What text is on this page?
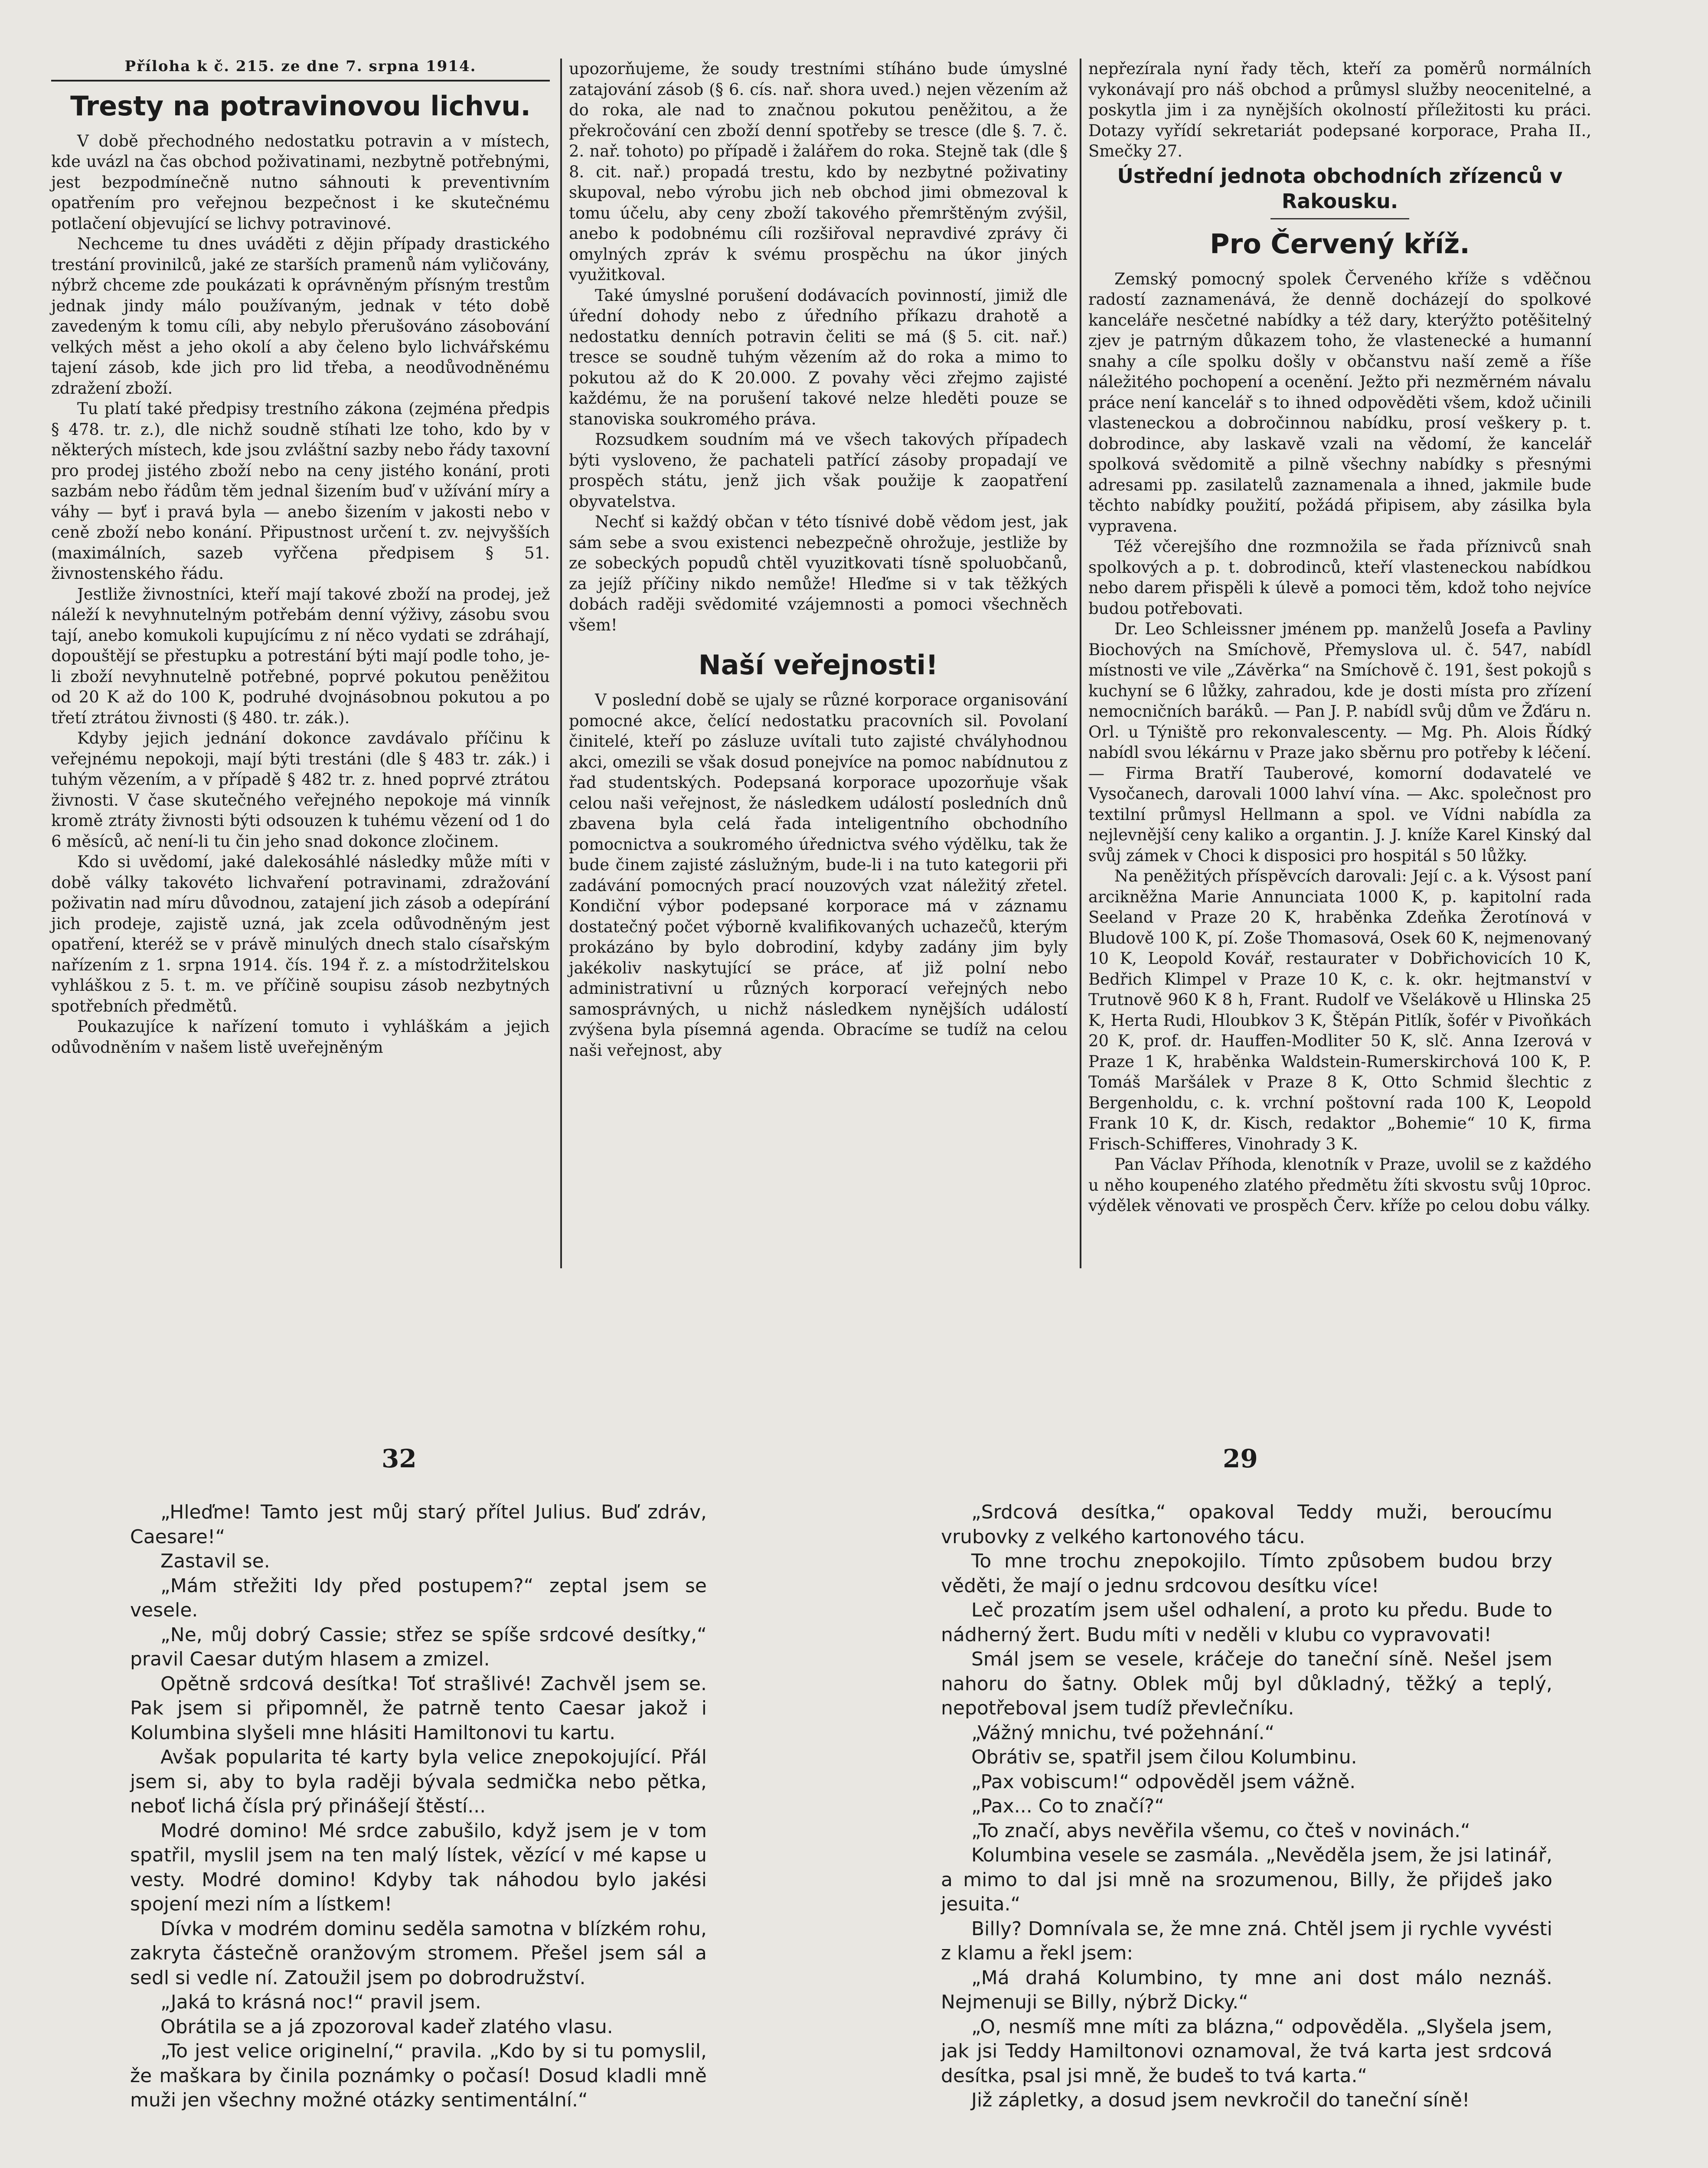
Příloha k č. 215. ze dne 7. srpna 1914.
Tresty na potravinovou lichvu.

V době přechodného nedostatku potravin a v místech, kde uvázl na čas obchod poživatinami, nezbytně potřebnými, jest bezpodmínečně nutno sáhnouti k preventivním opatřením pro veřejnou bezpečnost i ke skutečnému potlačení objevující se lichvy potravinové.

Nechceme tu dnes uváděti z dějin případy drastického trestání provinilců, jaké ze starších pramenů nám vyličovány, nýbrž chceme zde poukázati k oprávněným přísným trestům jednak jindy málo používaným, jednak v této době zavedeným k tomu cíli, aby nebylo přerušováno zásobování velkých měst a jeho okolí a aby čeleno bylo lichvářskému tajení zásob, kde jich pro lid třeba, a neodůvodněnému zdražení zboží.

Tu platí také předpisy trestního zákona (zejména předpis § 478. tr. z.), dle nichž soudně stíhati lze toho, kdo by v některých místech, kde jsou zvláštní sazby nebo řády taxovní pro prodej jistého zboží nebo na ceny jistého konání, proti sazbám nebo řádům těm jednal šizením buď v užívání míry a váhy — byť i pravá byla — anebo šizením v jakosti nebo v ceně zboží nebo konání. Připustnost určení t. zv. nejvyšších (maximálních, sazeb vyřčena předpisem § 51. živnostenského řádu.

Jestliže živnostníci, kteří mají takové zboží na prodej, jež náleží k nevyhnutelným potřebám denní výživy, zásobu svou tají, anebo komukoli kupujícímu z ní něco vydati se zdráhají, dopouštějí se přestupku a potrestání býti mají podle toho, je-li zboží nevyhnutelně potřebné, poprvé pokutou peněžitou od 20 K až do 100 K, podruhé dvojnásobnou pokutou a po třetí ztrátou živnosti (§ 480. tr. zák.).

Kdyby jejich jednání dokonce zavdávalo příčinu k veřejnému nepokoji, mají býti trestáni (dle § 483 tr. zák.) i tuhým vězením, a v případě § 482 tr. z. hned poprvé ztrátou živnosti. V čase skutečného veřejného nepokoje má vinník kromě ztráty živnosti býti odsouzen k tuhému vězení od 1 do 6 měsíců, ač není-li tu čin jeho snad dokonce zločinem.

Kdo si uvědomí, jaké dalekosáhlé následky může míti v době války takovéto lichvaření potravinami, zdražování poživatin nad míru důvodnou, zatajení jich zásob a odepírání jich prodeje, zajistě uzná, jak zcela odůvodněným jest opatření, kteréž se v právě minulých dnech stalo císařským nařízením z 1. srpna 1914. čís. 194 ř. z. a místodržitelskou vyhláškou z 5. t. m. ve příčině soupisu zásob nezbytných spotřebních předmětů.

Poukazujíce k nařízení tomuto i vyhláškám a jejich odůvodněním v našem listě uveřejněným

upozorňujeme, že soudy trestními stíháno bude úmyslné zatajování zásob (§ 6. cís. nař. shora uved.) nejen vězením až do roka, ale nad to značnou pokutou peněžitou, a že překročování cen zboží denní spotřeby se tresce (dle §. 7. č. 2. nař. tohoto) po případě i žalářem do roka. Stejně tak (dle § 8. cit. nař.) propadá trestu, kdo by nezbytné poživatiny skupoval, nebo výrobu jich neb obchod jimi obmezoval k tomu účelu, aby ceny zboží takového přemrštěným zvýšil, anebo k podobnému cíli rozšiřoval nepravdivé zprávy či omylných zpráv k svému prospěchu na úkor jiných využitkoval.

Také úmyslné porušení dodávacích povinností, jimiž dle úřední dohody nebo z úředního příkazu drahotě a nedostatku denních potravin čeliti se má (§ 5. cit. nař.) tresce se soudně tuhým vězením až do roka a mimo to pokutou až do K 20.000. Z povahy věci zřejmo zajisté každému, že na porušení takové nelze hleděti pouze se stanoviska soukromého práva.

Rozsudkem soudním má ve všech takových případech býti vysloveno, že pachateli patřící zásoby propadají ve prospěch státu, jenž jich však použije k zaopatření obyvatelstva.

Nechť si každý občan v této tísnivé době vědom jest, jak sám sebe a svou existenci nebezpečně ohrožuje, jestliže by ze sobeckých popudů chtěl vyuzitkovati tísně spoluobčanů, za jejíž příčiny nikdo nemůže! Hleďme si v tak těžkých dobách raději svědomité vzájemnosti a pomoci všechněch všem!

Naší veřejnosti!

V poslední době se ujaly se různé korporace organisování pomocné akce, čelící nedostatku pracovních sil. Povolaní činitelé, kteří po zásluze uvítali tuto zajisté chvályhodnou akci, omezili se však dosud ponejvíce na pomoc nabídnutou z řad studentských. Podepsaná korporace upozorňuje však celou naši veřejnost, že následkem událostí posledních dnů zbavena byla celá řada inteligentního obchodního pomocnictva a soukromého úřednictva svého výdělku, tak že bude činem zajisté záslužným, bude-li i na tuto kategorii při zadávání pomocných prací nouzových vzat náležitý zřetel. Kondiční výbor podepsané korporace má v záznamu dostatečný počet výborně kvalifikovaných uchazečů, kterým prokázáno by bylo dobrodiní, kdyby zadány jim byly jakékoliv naskytující se práce, ať již polní nebo administrativní u různých korporací veřejných nebo samosprávných, u nichž následkem nynějších událostí zvýšena byla písemná agenda. Obracíme se tudíž na celou naši veřejnost, aby

nepřezírala nyní řady těch, kteří za poměrů normálních vykonávají pro náš obchod a průmysl služby neocenitelné, a poskytla jim i za nynějších okolností příležitosti ku práci. Dotazy vyřídí sekretariát podepsané korporace, Praha II., Smečky 27.

Ústřední jednota obchodních zřízenců v Rakousku.
Pro Červený kříž.

Zemský pomocný spolek Červeného kříže s vděčnou radostí zaznamenává, že denně docházejí do spolkové kanceláře nesčetné nabídky a též dary, kterýžto potěšitelný zjev je patrným důkazem toho, že vlastenecké a humanní snahy a cíle spolku došly v občanstvu naší země a říše náležitého pochopení a ocenění. Ježto při nezměrném návalu práce není kancelář s to ihned odpověděti všem, kdož učinili vlasteneckou a dobročinnou nabídku, prosí veškery p. t. dobrodince, aby laskavě vzali na vědomí, že kancelář spolková svědomitě a pilně všechny nabídky s přesnými adresami pp. zasilatelů zaznamenala a ihned, jakmile bude těchto nabídky použití, požádá připisem, aby zásilka byla vypravena.

Též včerejšího dne rozmnožila se řada příznivců snah spolkových a p. t. dobrodinců, kteří vlasteneckou nabídkou nebo darem přispěli k úlevě a pomoci těm, kdož toho nejvíce budou potřebovati.

Dr. Leo Schleissner jménem pp. manželů Josefa a Pavliny Biochových na Smíchově, Přemyslova ul. č. 547, nabídl místnosti ve vile „Závěrka“ na Smíchově č. 191, šest pokojů s kuchyní se 6 lůžky, zahradou, kde je dosti místa pro zřízení nemocničních baráků. — Pan J. P. nabídl svůj dům ve Žďáru n. Orl. u Týniště pro rekonvalescenty. — Mg. Ph. Alois Řídký nabídl svou lékárnu v Praze jako sběrnu pro potřeby k léčení. — Firma Bratří Tauberové, komorní dodavatelé ve Vysočanech, darovali 1000 lahví vína. — Akc. společnost pro textilní průmysl Hellmann a spol. ve Vídni nabídla za nejlevnější ceny kaliko a organtin. J. J. kníže Karel Kinský dal svůj zámek v Choci k disposici pro hospitál s 50 lůžky.

Na peněžitých příspěvcích darovali: Její c. a k. Výsost paní arcikněžna Marie Annunciata 1000 K, p. kapitolní rada Seeland v Praze 20 K, hraběnka Zdeňka Žerotínová v Bludově 100 K, pí. Zoše Thomasová, Osek 60 K, nejmenovaný 10 K, Leopold Kovář, restaurater v Dobřichovicích 10 K, Bedřich Klimpel v Praze 10 K, c. k. okr. hejtmanství v Trutnově 960 K 8 h, Frant. Rudolf ve Všelákově u Hlinska 25 K, Herta Rudi, Hloubkov 3 K, Štěpán Pitlík, šofér v Pivoňkách 20 K, prof. dr. Hauffen-Modliter 50 K, slč. Anna Izerová v Praze 1 K, hraběnka Waldstein-Rumerskirchová 100 K, P. Tomáš Maršálek v Praze 8 K, Otto Schmid šlechtic z Bergenholdu, c. k. vrchní poštovní rada 100 K, Leopold Frank 10 K, dr. Kisch, redaktor „Bohemie“ 10 K, firma Frisch-Schifferes, Vinohrady 3 K.

Pan Václav Příhoda, klenotník v Praze, uvolil se z každého u něho koupeného zlatého předmětu žíti skvostu svůj 10proc. výdělek věnovati ve prospěch Červ. kříže po celou dobu války.

32

„Hleďme! Tamto jest můj starý přítel Julius. Buď zdráv, Caesare!“

Zastavil se.

„Mám střežiti Idy před postupem?“ zeptal jsem se vesele.

„Ne, můj dobrý Cassie; střez se spíše srdcové desítky,“ pravil Caesar dutým hlasem a zmizel.

Opětně srdcová desítka! Toť strašlivé! Zachvěl jsem se. Pak jsem si připomněl, že patrně tento Caesar jakož i Kolumbina slyšeli mne hlásiti Hamiltonovi tu kartu.

Avšak popularita té karty byla velice znepokojující. Přál jsem si, aby to byla raději bývala sedmička nebo pětka, neboť lichá čísla prý přinášejí štěstí...

Modré domino! Mé srdce zabušilo, když jsem je v tom spatřil, myslil jsem na ten malý lístek, vězící v mé kapse u vesty. Modré domino! Kdyby tak náhodou bylo jakési spojení mezi ním a lístkem!

Dívka v modrém dominu seděla samotna v blízkém rohu, zakryta částečně oranžovým stromem. Přešel jsem sál a sedl si vedle ní. Zatoužil jsem po dobrodružství.

„Jaká to krásná noc!“ pravil jsem.

Obrátila se a já zpozoroval kadeř zlatého vlasu.

„To jest velice originelní,“ pravila. „Kdo by si tu pomyslil, že maškara by činila poznámky o počasí! Dosud kladli mně muži jen všechny možné otázky sentimentální.“

29

„Srdcová desítka,“ opakoval Teddy muži, beroucímu vrubovky z velkého kartonového tácu.

To mne trochu znepokojilo. Tímto způsobem budou brzy věděti, že mají o jednu srdcovou desítku více!

Leč prozatím jsem ušel odhalení, a proto ku předu. Bude to nádherný žert. Budu míti v neděli v klubu co vypravovati!

Smál jsem se vesele, kráčeje do taneční síně. Nešel jsem nahoru do šatny. Oblek můj byl důkladný, těžký a teplý, nepotřeboval jsem tudíž převlečníku.

„Vážný mnichu, tvé požehnání.“

Obrátiv se, spatřil jsem čilou Kolumbinu.

„Pax vobiscum!“ odpověděl jsem vážně.

„Pax... Co to značí?“

„To značí, abys nevěřila všemu, co čteš v novinách.“

Kolumbina vesele se zasmála. „Nevěděla jsem, že jsi latinář, a mimo to dal jsi mně na srozumenou, Billy, že přijdeš jako jesuita.“

Billy? Domnívala se, že mne zná. Chtěl jsem ji rychle vyvésti z klamu a řekl jsem:

„Má drahá Kolumbino, ty mne ani dost málo neznáš. Nejmenuji se Billy, nýbrž Dicky.“

„O, nesmíš mne míti za blázna,“ odpověděla. „Slyšela jsem, jak jsi Teddy Hamiltonovi oznamoval, že tvá karta jest srdcová desítka, psal jsi mně, že budeš to tvá karta.“

Již zápletky, a dosud jsem nevkročil do taneční síně!
